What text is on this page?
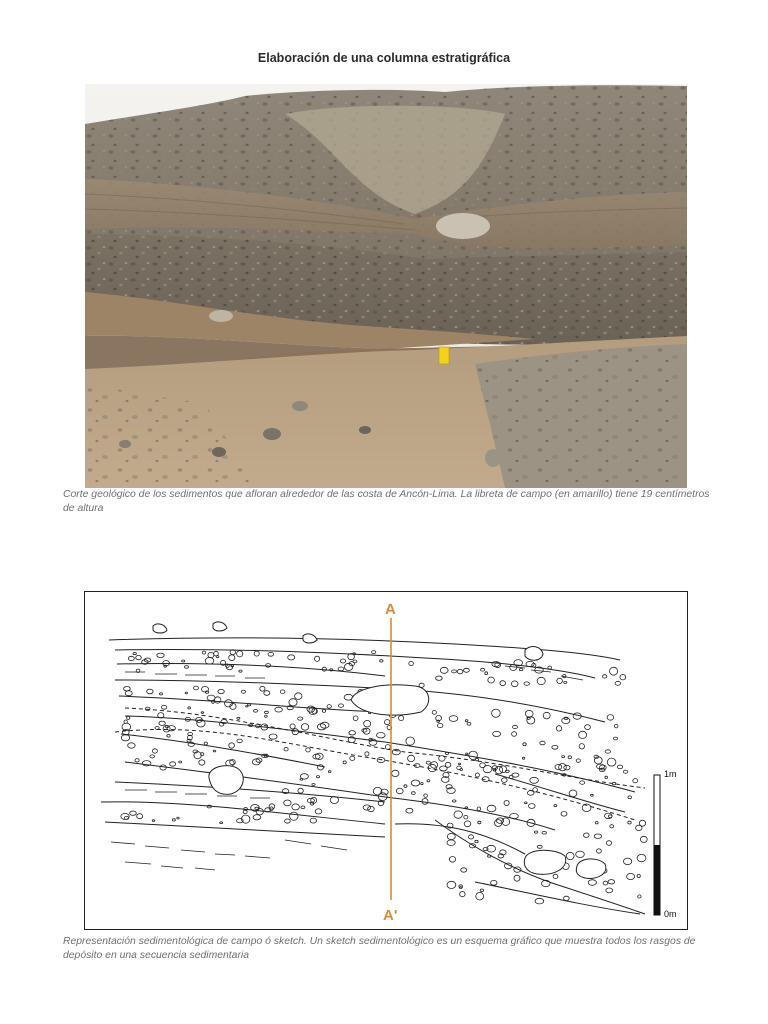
Elaboración de una columna estratigráfica
Corte geológico de los sedimentos que afloran alrededor de las costa de Ancón-Lima. La libreta de campo (en amarillo) tiene 19 centímetros de altura
A
A'
1m
0m
Representación sedimentológica de campo ó sketch. Un sketch sedimentológico es un esquema gráfico que muestra todos los rasgos de depósito en una secuencia sedimentaria
